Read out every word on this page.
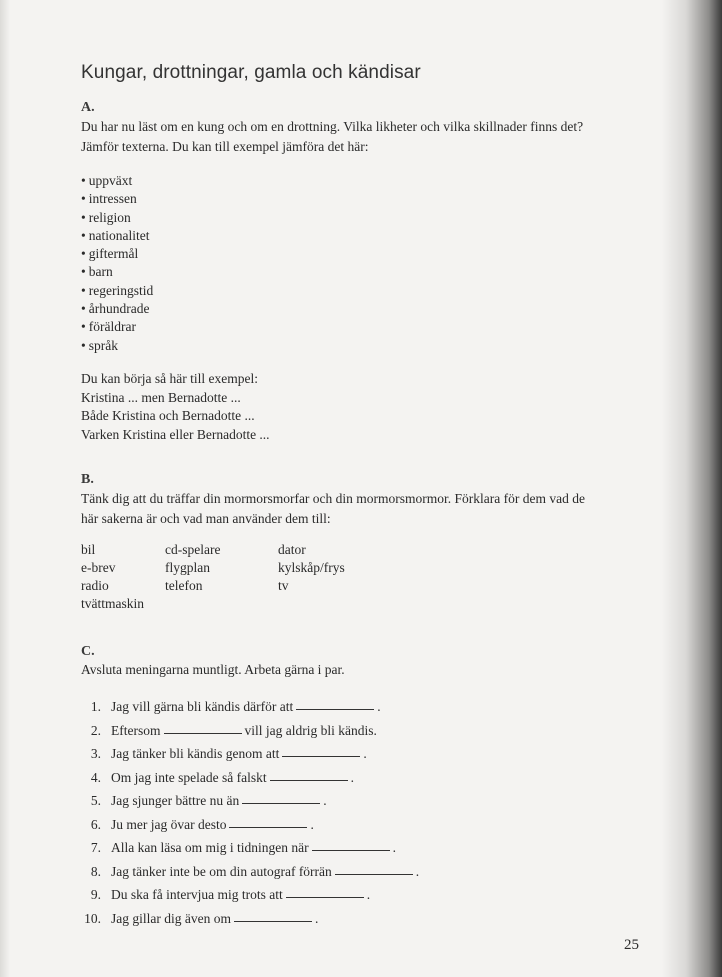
Kungar, drottningar, gamla och kändisar
A.

Du har nu läst om en kung och om en drottning. Vilka likheter och vilka skillnader finns det?

Jämför texterna. Du kan till exempel jämföra det här:

• uppväxt
• intressen
• religion
• nationalitet
• giftermål
• barn
• regeringstid
• århundrade
• föräldrar
• språk

Du kan börja så här till exempel:

Kristina ... men Bernadotte ...

Både Kristina och Bernadotte ...

Varken Kristina eller Bernadotte ...

B.

Tänk dig att du träffar din mormorsmorfar och din mormorsmormor. Förklara för dem vad de

här sakerna är och vad man använder dem till:

bil	cd-spelare	dator
e-brev	flygplan	kylskåp/frys
radio	telefon	tv
tvättmaskin
C.

Avsluta meningarna muntligt. Arbeta gärna i par.

1. Jag vill gärna bli kändis därför att	.
2. Eftersom	vill jag aldrig bli kändis.
3. Jag tänker bli kändis genom att	.
4. Om jag inte spelade så falskt	.
5. Jag sjunger bättre nu än	.
6. Ju mer jag övar desto	.
7. Alla kan läsa om mig i tidningen när	.
8. Jag tänker inte be om din autograf förrän	.
9. Du ska få intervjua mig trots att	.
10. Jag gillar dig även om	.
25
